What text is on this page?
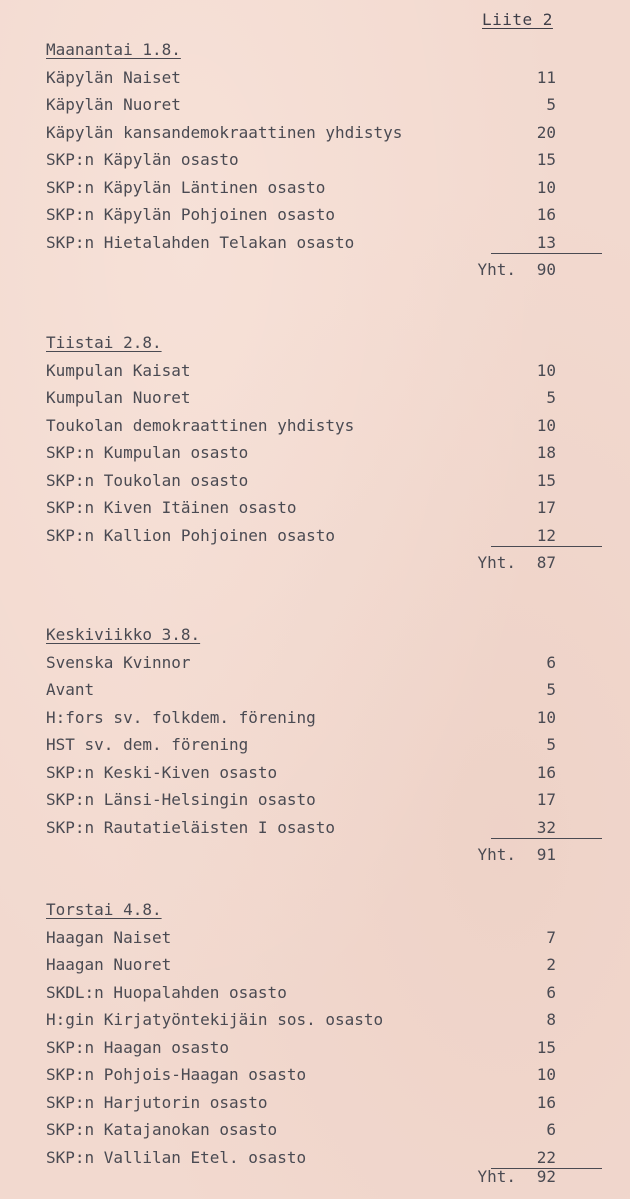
Liite 2
Maanantai 1.8.
Käpylän Naiset	11
Käpylän Nuoret	5
Käpylän kansandemokraattinen yhdistys	20
SKP:n Käpylän osasto	15
SKP:n Käpylän Läntinen osasto	10
SKP:n Käpylän Pohjoinen osasto	16
SKP:n Hietalahden Telakan osasto	13
Yht. 90
Tiistai 2.8.
Kumpulan Kaisat	10
Kumpulan Nuoret	5
Toukolan demokraattinen yhdistys	10
SKP:n Kumpulan osasto	18
SKP:n Toukolan osasto	15
SKP:n Kiven Itäinen osasto	17
SKP:n Kallion Pohjoinen osasto	12
Yht. 87
Keskiviikko 3.8.
Svenska Kvinnor	6
Avant	5
H:fors sv. folkdem. förening	10
HST sv. dem. förening	5
SKP:n Keski-Kiven osasto	16
SKP:n Länsi-Helsingin osasto	17
SKP:n Rautatieläisten I osasto	32
Yht. 91
Torstai 4.8.
Haagan Naiset	7
Haagan Nuoret	2
SKDL:n Huopalahden osasto	6
H:gin Kirjatyöntekijäin sos. osasto	8
SKP:n Haagan osasto	15
SKP:n Pohjois-Haagan osasto	10
SKP:n Harjutorin osasto	16
SKP:n Katajanokan osasto	6
SKP:n Vallilan Etel. osasto	22
Yht. 92
